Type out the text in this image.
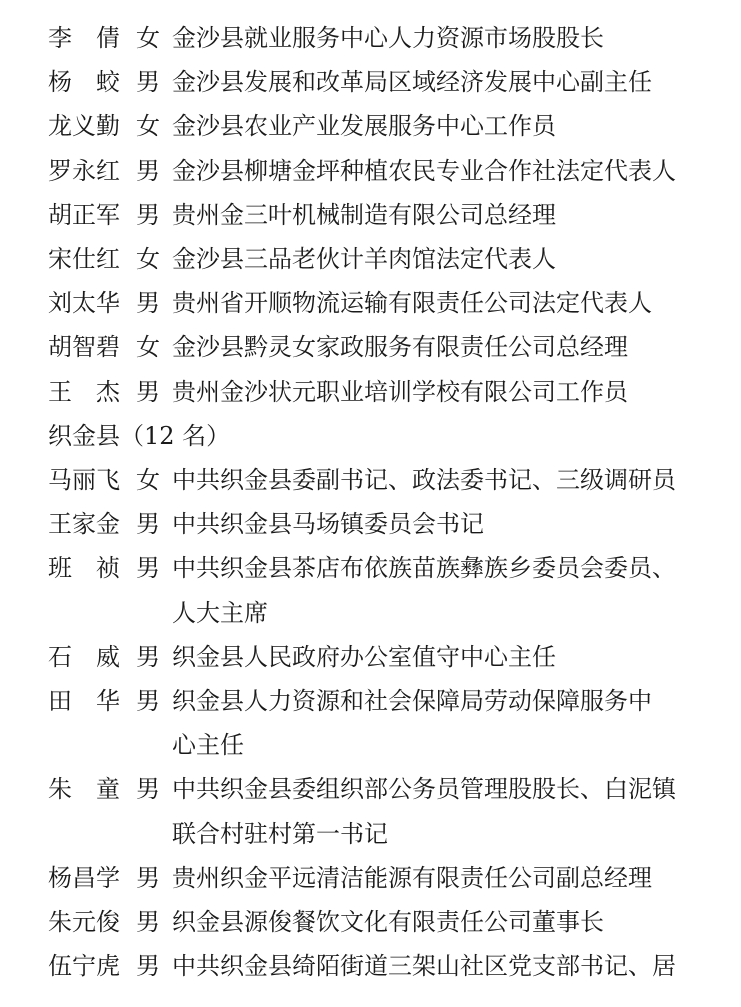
李 倩 女 金沙县就业服务中心人力资源市场股股长
杨 蛟 男 金沙县发展和改革局区域经济发展中心副主任
龙义勤 女 金沙县农业产业发展服务中心工作员
罗永红 男 金沙县柳塘金坪种植农民专业合作社法定代表人
胡正军 男 贵州金三叶机械制造有限公司总经理
宋仕红 女 金沙县三品老伙计羊肉馆法定代表人
刘太华 男 贵州省开顺物流运输有限责任公司法定代表人
胡智碧 女 金沙县黔灵女家政服务有限责任公司总经理
王 杰 男 贵州金沙状元职业培训学校有限公司工作员
织金县（12 名）
马丽飞 女 中共织金县委副书记、政法委书记、三级调研员
王家金 男 中共织金县马场镇委员会书记
班 祯 男 中共织金县茶店布依族苗族彝族乡委员会委员、
人大主席
石 威 男 织金县人民政府办公室值守中心主任
田 华 男 织金县人力资源和社会保障局劳动保障服务中
心主任
朱 童 男 中共织金县委组织部公务员管理股股长、白泥镇
联合村驻村第一书记
杨昌学 男 贵州织金平远清洁能源有限责任公司副总经理
朱元俊 男 织金县源俊餐饮文化有限责任公司董事长
伍宁虎 男 中共织金县绮陌街道三架山社区党支部书记、居
